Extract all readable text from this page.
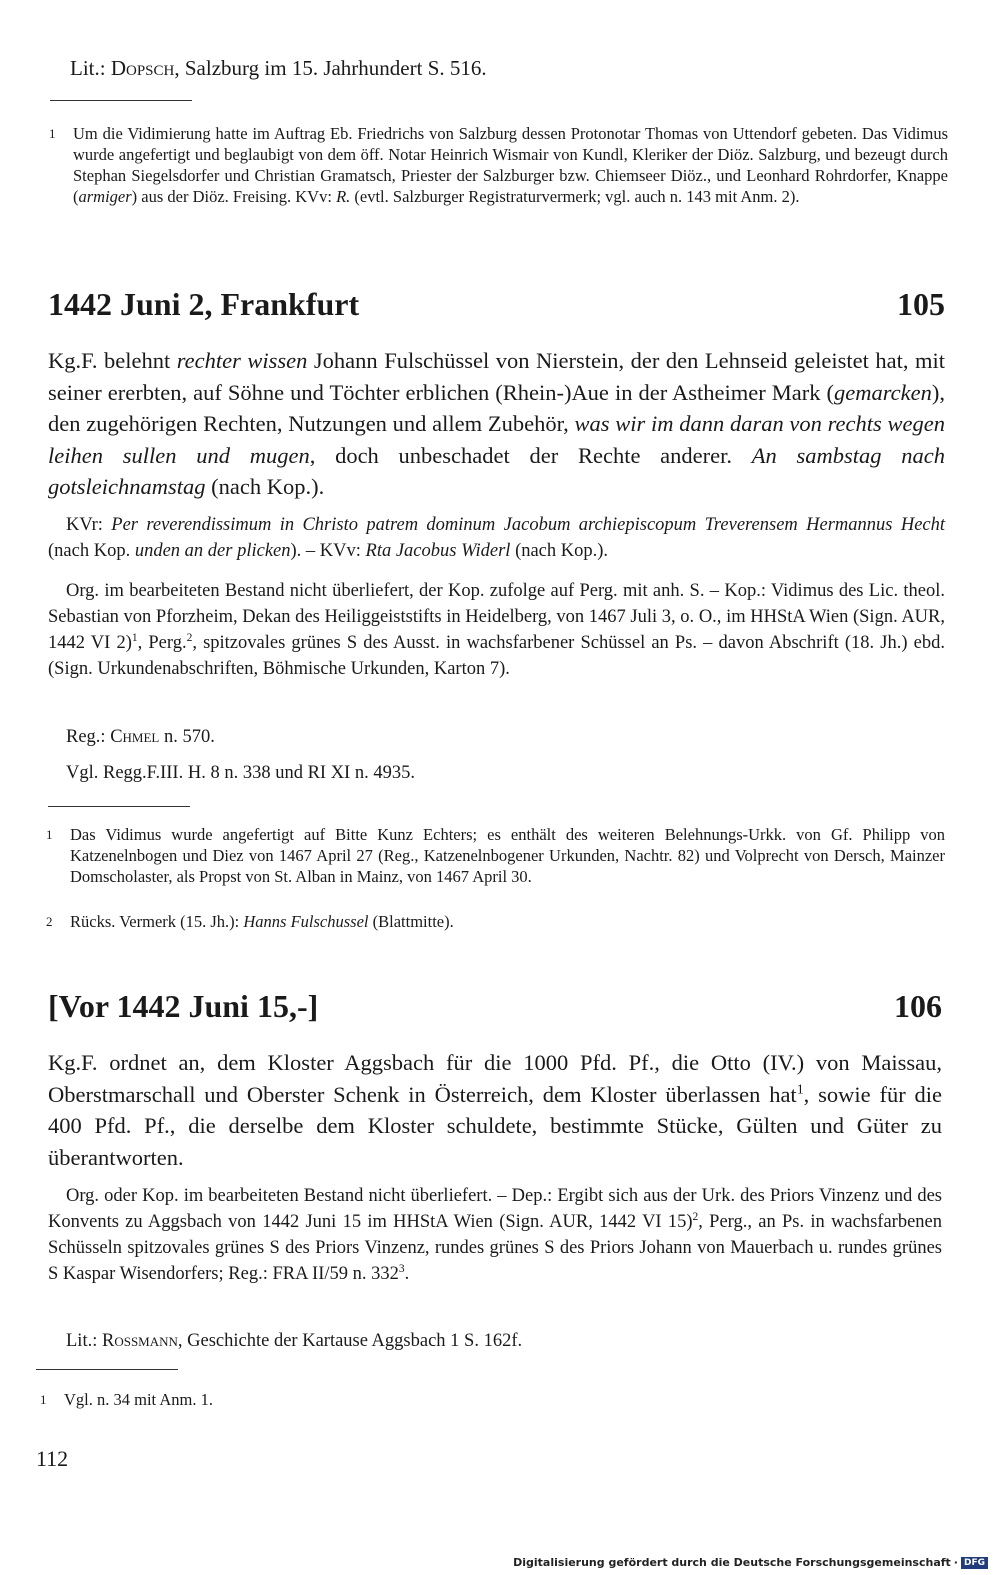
Lit.: Dopsch, Salzburg im 15. Jahrhundert S. 516.
1 Um die Vidimierung hatte im Auftrag Eb. Friedrichs von Salzburg dessen Protonotar Thomas von Uttendorf gebeten. Das Vidimus wurde angefertigt und beglaubigt von dem öff. Notar Heinrich Wismair von Kundl, Kleriker der Diöz. Salzburg, und bezeugt durch Stephan Siegelsdorfer und Christian Gramatsch, Priester der Salzburger bzw. Chiemseer Diöz., und Leonhard Rohrdorfer, Knappe (armiger) aus der Diöz. Freising. KVv: R. (evtl. Salzburger Registraturvermerk; vgl. auch n. 143 mit Anm. 2).
1442 Juni 2, Frankfurt	105
Kg.F. belehnt rechter wissen Johann Fulschüssel von Nierstein, der den Lehnseid geleistet hat, mit seiner ererbten, auf Söhne und Töchter erblichen (Rhein-)Aue in der Astheimer Mark (gemarcken), den zugehörigen Rechten, Nutzungen und allem Zubehör, was wir im dann daran von rechts wegen leihen sullen und mugen, doch unbeschadet der Rechte anderer. An sambstag nach gotsleichnamstag (nach Kop.).
KVr: Per reverendissimum in Christo patrem dominum Jacobum archiepiscopum Treverensem Hermannus Hecht (nach Kop. unden an der plicken). – KVv: Rta Jacobus Widerl (nach Kop.).
Org. im bearbeiteten Bestand nicht überliefert, der Kop. zufolge auf Perg. mit anh. S. – Kop.: Vidimus des Lic. theol. Sebastian von Pforzheim, Dekan des Heiliggeiststifts in Heidelberg, von 1467 Juli 3, o. O., im HHStA Wien (Sign. AUR, 1442 VI 2)$^1$, Perg.$^2$, spitzovales grünes S des Ausst. in wachsfarbener Schüssel an Ps. – davon Abschrift (18. Jh.) ebd. (Sign. Urkundenabschriften, Böhmische Urkunden, Karton 7).
Reg.: Chmel n. 570.
Vgl. Regg.F.III. H. 8 n. 338 und RI XI n. 4935.
1 Das Vidimus wurde angefertigt auf Bitte Kunz Echters; es enthält des weiteren Belehnungs-Urkk. von Gf. Philipp von Katzenelnbogen und Diez von 1467 April 27 (Reg., Katzenelnbogener Urkunden, Nachtr. 82) und Volprecht von Dersch, Mainzer Domscholaster, als Propst von St. Alban in Mainz, von 1467 April 30.
2 Rücks. Vermerk (15. Jh.): Hanns Fulschussel (Blattmitte).
[Vor 1442 Juni 15,-]	106
Kg.F. ordnet an, dem Kloster Aggsbach für die 1000 Pfd. Pf., die Otto (IV.) von Maissau, Oberstmarschall und Oberster Schenk in Österreich, dem Kloster überlassen hat$^1$, sowie für die 400 Pfd. Pf., die derselbe dem Kloster schuldete, bestimmte Stücke, Gülten und Güter zu überantworten.
Org. oder Kop. im bearbeiteten Bestand nicht überliefert. – Dep.: Ergibt sich aus der Urk. des Priors Vinzenz und des Konvents zu Aggsbach von 1442 Juni 15 im HHStA Wien (Sign. AUR, 1442 VI 15)$^2$, Perg., an Ps. in wachsfarbenen Schüsseln spitzovales grünes S des Priors Vinzenz, rundes grünes S des Priors Johann von Mauerbach u. rundes grünes S Kaspar Wisendorfers; Reg.: FRA II/59 n. $332^3$.
Lit.: Rossmann, Geschichte der Kartause Aggsbach 1 S. 162f.
1 Vgl. n. 34 mit Anm. 1.
112
Digitalisierung gefördert durch die Deutsche Forschungsgemeinschaft · DFG
